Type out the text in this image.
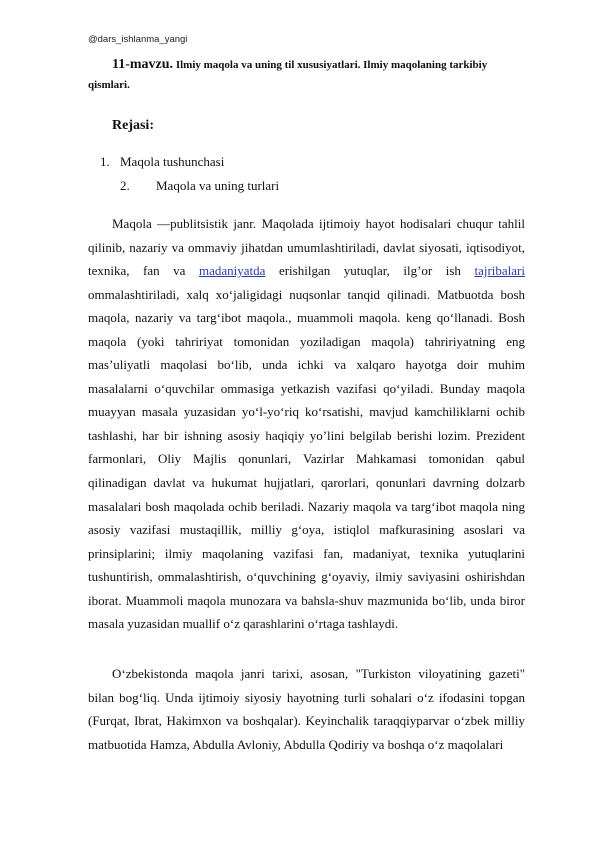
@dars_ishlanma_yangi
11-mavzu. Ilmiy maqola va uning til xususiyatlari. Ilmiy maqolaning tarkibiy qismlari.
Rejasi:
1. Maqola tushunchasi
2. Maqola va uning turlari

Maqola —publitsistik janr. Maqolada ijtimoiy hayot hodisalari chuqur tahlil qilinib, nazariy va ommaviy jihatdan umumlashtiriladi, davlat siyosati, iqtisodiyot, texnika, fan va madaniyatda erishilgan yutuqlar, ilg’or ish tajribalari ommalashtiriladi, xalq xo‘jaligidagi nuqsonlar tanqid qilinadi. Matbuotda bosh maqola, nazariy va targ‘ibot maqola., muammoli maqola. keng qo‘llanadi. Bosh maqola (yoki tahririyat tomonidan yoziladigan maqola) tahririyatning eng mas’uliyatli maqolasi bo‘lib, unda ichki va xalqaro hayotga doir muhim masalalarni o‘quvchilar ommasiga yetkazish vazifasi qo‘yiladi. Bunday maqola muayyan masala yuzasidan yo‘l-yo‘riq ko‘rsatishi, mavjud kamchiliklarni ochib tashlashi, har bir ishning asosiy haqiqiy yo’lini belgilab berishi lozim. Prezident farmonlari, Oliy Majlis qonunlari, Vazirlar Mahkamasi tomonidan qabul qilinadigan davlat va hukumat hujjatlari, qarorlari, qonunlari davrning dolzarb masalalari bosh maqolada ochib beriladi. Nazariy maqola va targ‘ibot maqola ning asosiy vazifasi mustaqillik, milliy g‘oya, istiqlol mafkurasining asoslari va prinsiplarini; ilmiy maqolaning vazifasi fan, madaniyat, texnika yutuqlarini tushuntirish, ommalashtirish, o‘quvchining g‘oyaviy, ilmiy saviyasini oshirishdan iborat. Muammoli maqola munozara va bahsla-shuv mazmunida bo‘lib, unda biror masala yuzasidan muallif o‘z qarashlarini o‘rtaga tashlaydi.

O‘zbekistonda maqola janri tarixi, asosan, "Turkiston viloyatining gazeti" bilan bog‘liq. Unda ijtimoiy siyosiy hayotning turli sohalari o‘z ifodasini topgan (Furqat, Ibrat, Hakimxon va boshqalar). Keyinchalik taraqqiyparvar o‘zbek milliy matbuotida Hamza, Abdulla Avloniy, Abdulla Qodiriy va boshqa o‘z maqolalari
